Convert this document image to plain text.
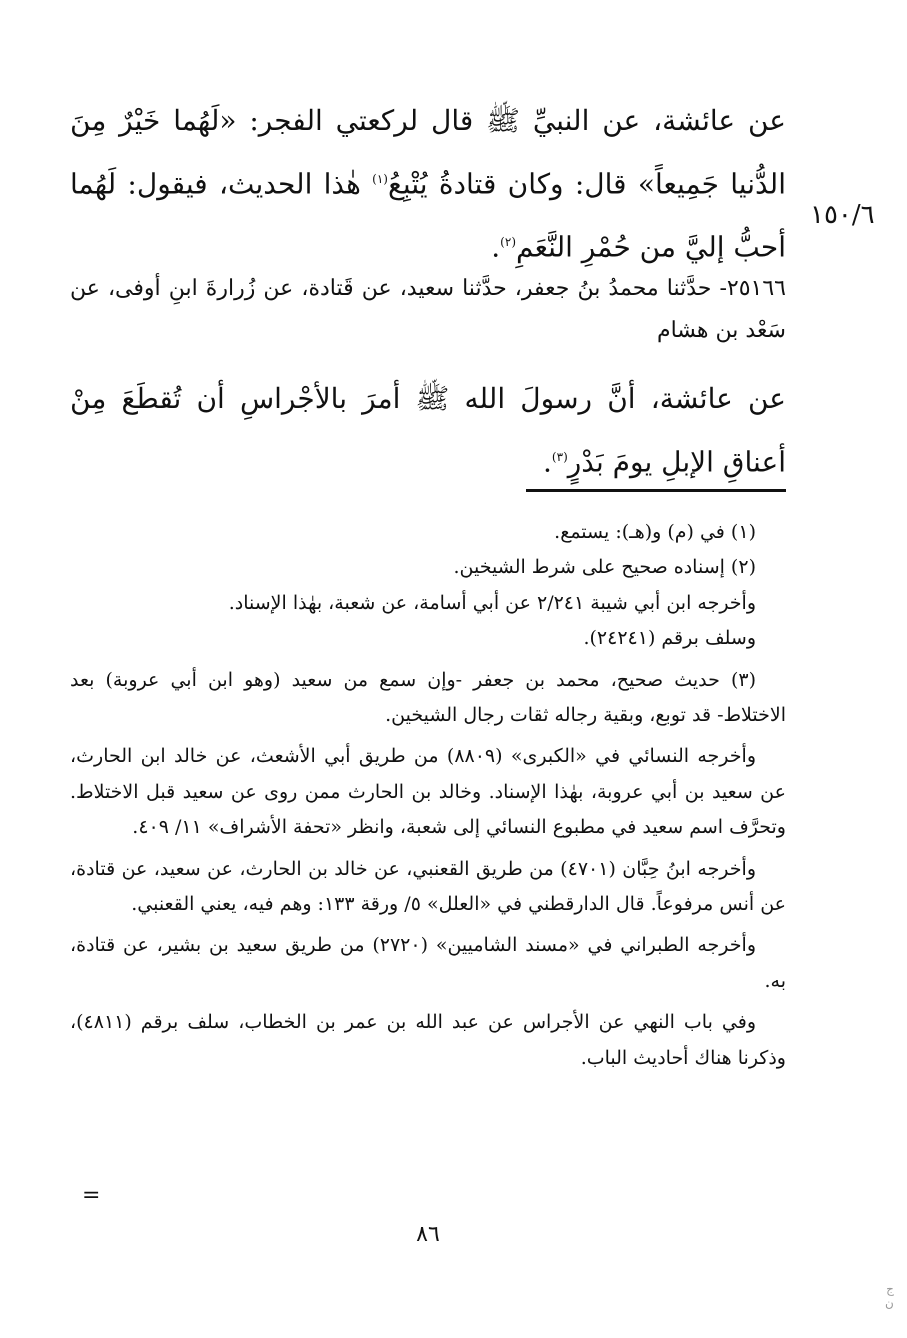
١٥٠/٦
عن عائشة، عن النبيِّ ﷺ قال لركعتي الفجر: «لَهُما خَيْرٌ مِنَ الدُّنيا جَمِيعاً» قال: وكان قتادةُ يُتْبِعُ$^{(١)}$ هٰذا الحديث، فيقول: لَهُما أحبُّ إليَّ من حُمْرِ النَّعَمِ$^{(٢)}$.
٢٥١٦٦- حدَّثنا محمدُ بنُ جعفر، حدَّثنا سعيد، عن قَتادة، عن زُرارةَ ابنِ أوفى، عن سَعْد بن هشام
عن عائشة، أنَّ رسولَ الله ﷺ أمرَ بالأجْراسِ أن تُقطَعَ مِنْ أعناقِ الإبلِ يومَ بَدْرٍ$^{(٣)}$.

(١) في (م) و(هـ): يستمع.

(٢) إسناده صحيح على شرط الشيخين.

وأخرجه ابن أبي شيبة ٢/٢٤١ عن أبي أسامة، عن شعبة، بهٰذا الإسناد.

وسلف برقم (٢٤٢٤١).

(٣) حديث صحيح، محمد بن جعفر -وإن سمع من سعيد (وهو ابن أبي عروبة) بعد الاختلاط- قد توبع، وبقية رجاله ثقات رجال الشيخين.

وأخرجه النسائي في «الكبرى» (٨٨٠٩) من طريق أبي الأشعث، عن خالد ابن الحارث، عن سعيد بن أبي عروبة، بهٰذا الإسناد. وخالد بن الحارث ممن روى عن سعيد قبل الاختلاط. وتحرَّف اسم سعيد في مطبوع النسائي إلى شعبة، وانظر «تحفة الأشراف» ١١/ ٤٠٩.

وأخرجه ابنُ حِبَّان (٤٧٠١) من طريق القعنبي، عن خالد بن الحارث، عن سعيد، عن قتادة، عن أنس مرفوعاً. قال الدارقطني في «العلل» ٥/ ورقة ١٣٣: وهم فيه، يعني القعنبي.

وأخرجه الطبراني في «مسند الشاميين» (٢٧٢٠) من طريق سعيد بن بشير، عن قتادة، به.

وفي باب النهي عن الأجراس عن عبد الله بن عمر بن الخطاب، سلف برقم (٤٨١١)، وذكرنا هناك أحاديث الباب.

=
٨٦
ج
ن
